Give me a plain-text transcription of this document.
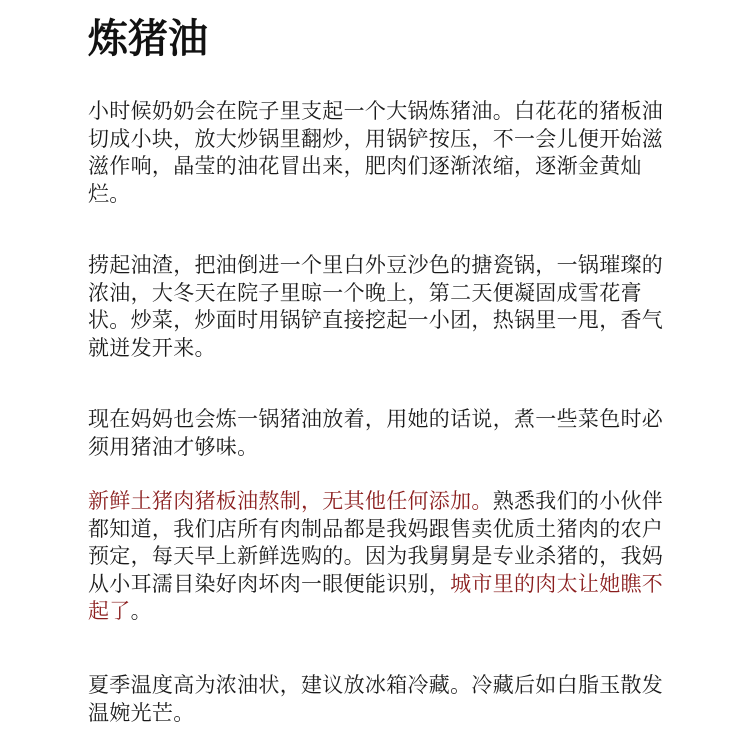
炼猪油

小时候奶奶会在院子里支起一个大锅炼猪油。白花花的猪板油切成小块，放大炒锅里翻炒，用锅铲按压，不一会儿便开始滋滋作响，晶莹的油花冒出来，肥肉们逐渐浓缩，逐渐金黄灿烂。

捞起油渣，把油倒进一个里白外豆沙色的搪瓷锅，一锅璀璨的浓油，大冬天在院子里晾一个晚上，第二天便凝固成雪花膏状。炒菜，炒面时用锅铲直接挖起一小团，热锅里一甩，香气就迸发开来。

现在妈妈也会炼一锅猪油放着，用她的话说，煮一些菜色时必须用猪油才够味。

新鲜土猪肉猪板油熬制，无其他任何添加。熟悉我们的小伙伴都知道，我们店所有肉制品都是我妈跟售卖优质土猪肉的农户预定，每天早上新鲜选购的。因为我舅舅是专业杀猪的，我妈从小耳濡目染好肉坏肉一眼便能识别，城市里的肉太让她瞧不起了。

夏季温度高为浓油状，建议放冰箱冷藏。冷藏后如白脂玉散发温婉光芒。
